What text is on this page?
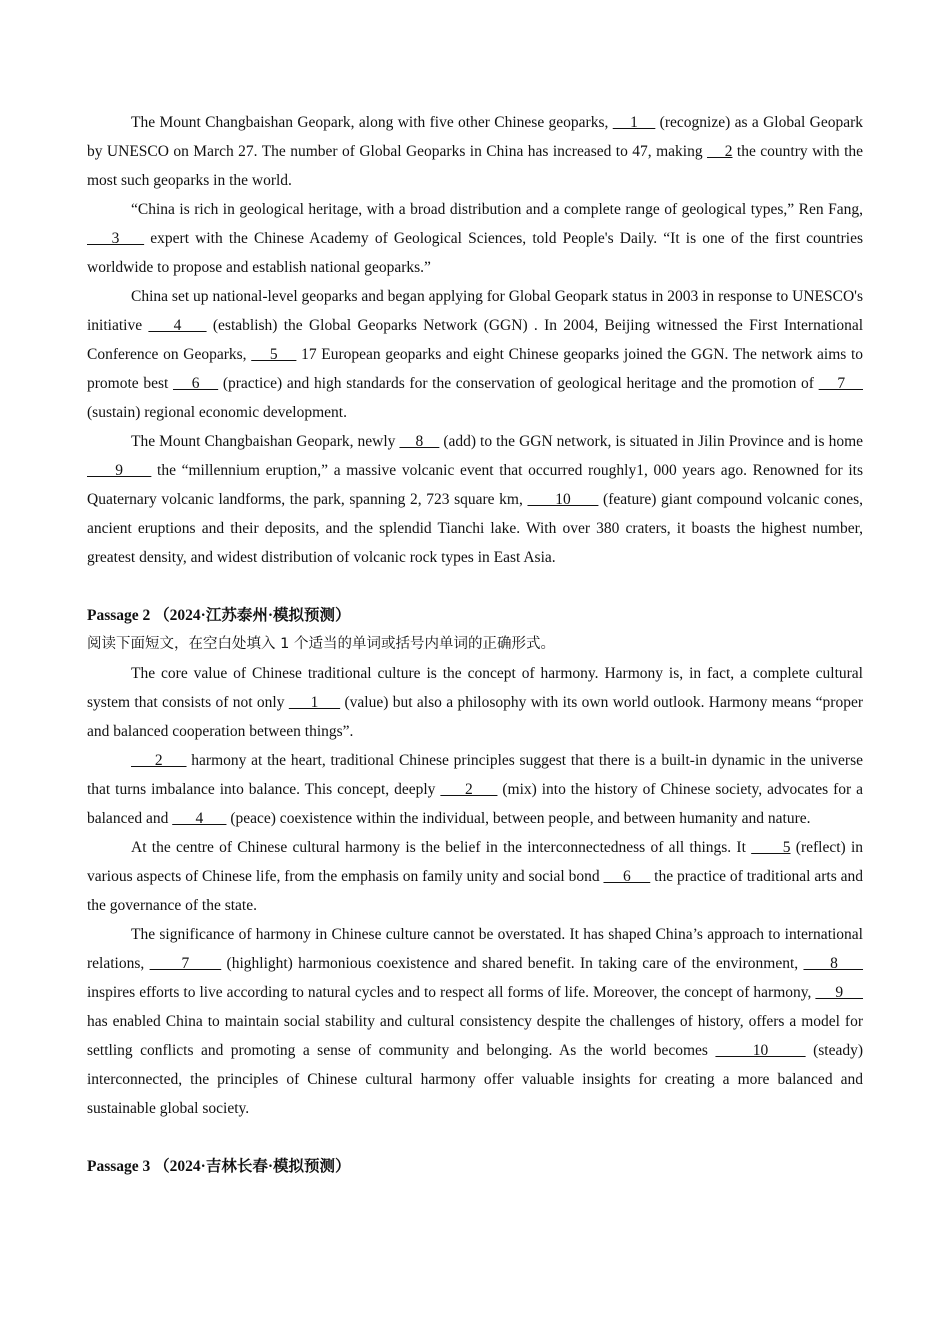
The Mount Changbaishan Geopark, along with five other Chinese geoparks,     1     (recognize) as a Global Geopark by UNESCO on March 27. The number of Global Geoparks in China has increased to 47, making     2 the country with the most such geoparks in the world.

“China is rich in geological heritage, with a broad distribution and a complete range of geological types,” Ren Fang,     3     expert with the Chinese Academy of Geological Sciences, told People's Daily. “It is one of the first countries worldwide to propose and establish national geoparks.”

China set up national-level geoparks and began applying for Global Geopark status in 2003 in response to UNESCO's initiative     4     (establish) the Global Geoparks Network (GGN) . In 2004, Beijing witnessed the First International Conference on Geoparks,     5     17 European geoparks and eight Chinese geoparks joined the GGN. The network aims to promote best     6     (practice) and high standards for the conservation of geological heritage and the promotion of     7     (sustain) regional economic development.

The Mount Changbaishan Geopark, newly     8     (add) to the GGN network, is situated in Jilin Province and is home      9      the “millennium eruption,” a massive volcanic event that occurred roughly1, 000 years ago. Renowned for its Quaternary volcanic landforms, the park, spanning 2, 723 square km,       10       (feature) giant compound volcanic cones, ancient eruptions and their deposits, and the splendid Tianchi lake. With over 380 craters, it boasts the highest number, greatest density, and widest distribution of volcanic rock types in East Asia.

Passage 2 （2024·江苏泰州·模拟预测）

阅读下面短文，在空白处填入 1 个适当的单词或括号内单词的正确形式。

The core value of Chinese traditional culture is the concept of harmony. Harmony is, in fact, a complete cultural system that consists of not only      1      (value) but also a philosophy with its own world outlook. Harmony means “proper and balanced cooperation between things”.

2      harmony at the heart, traditional Chinese principles suggest that there is a built-in dynamic in the universe that turns imbalance into balance. This concept, deeply      2      (mix) into the history of Chinese society, advocates for a balanced and       4       (peace) coexistence within the individual, between people, and between humanity and nature.

At the centre of Chinese cultural harmony is the belief in the interconnectedness of all things. It       5 (reflect) in various aspects of Chinese life, from the emphasis on family unity and social bond      6      the practice of traditional arts and the governance of the state.

The significance of harmony in Chinese culture cannot be overstated. It has shaped China’s approach to international relations,       7       (highlight) harmonious coexistence and shared benefit. In taking care of the environment,      8      inspires efforts to live according to natural cycles and to respect all forms of life. Moreover, the concept of harmony,      9      has enabled China to maintain social stability and cultural consistency despite the challenges of history, offers a model for settling conflicts and promoting a sense of community and belonging. As the world becomes      10      (steady) interconnected, the principles of Chinese cultural harmony offer valuable insights for creating a more balanced and sustainable global society.

Passage 3 （2024·吉林长春·模拟预测）
